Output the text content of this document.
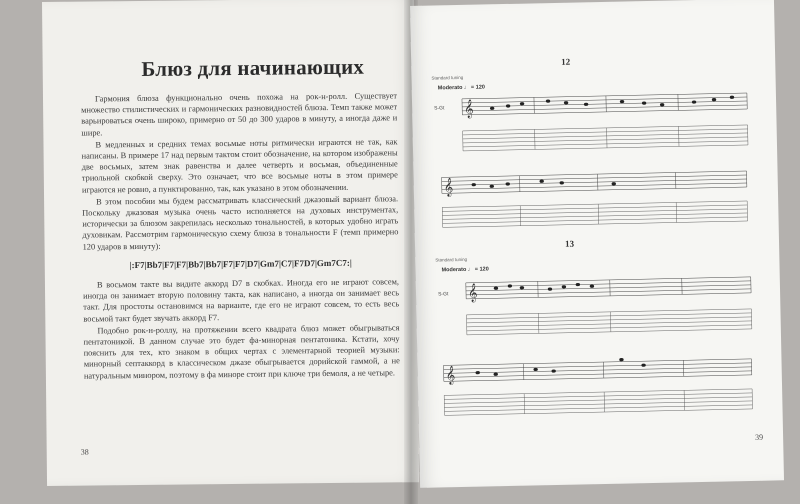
Блюз для начинающих

Гармония блюза функционально очень похожа на рок-н-ролл. Существует множество стилистических и гармонических разновидностей блюза. Темп также может варьироваться очень широко, примерно от 50 до 300 ударов в минуту, а иногда даже и шире.

В медленных и средних темах восьмые ноты ритмически играются не так, как написаны. В примере 17 над первым тактом стоит обозначение, на котором изображены две восьмых, затем знак равенства и далее четверть и восьмая, объединенные триольной скобкой сверху. Это означает, что все восьмые ноты в этом примере играются не ровно, а пунктированно, так, как указано в этом обозначении.

В этом пособии мы будем рассматривать классический джазовый вариант блюза. Поскольку джазовая музыка очень часто исполняется на духовых инструментах, исторически за блюзом закрепилась несколько тональностей, в которых удобно играть духовикам. Рассмотрим гармоническую схему блюза в тональности F (темп примерно 120 ударов в минуту):

|:F7|Bb7|F7|F7|Bb7|Bb7|F7|F7|D7|Gm7|C7|F7D7|Gm7C7:|

В восьмом такте вы видите аккорд D7 в скобках. Иногда его не играют совсем, иногда он занимает вторую половину такта, как написано, а иногда он занимает весь такт. Для простоты остановимся на варианте, где его не играют совсем, то есть весь восьмой такт будет звучать аккорд F7.

Подобно рок-н-роллу, на протяжении всего квадрата блюз может обыгрываться пентатоникой. В данном случае это будет фа-минорная пентатоника. Кстати, хочу пояснить для тех, кто знаком в общих чертах с элементарной теорией музыки: минорный септаккорд в классическом джазе обыгрывается дорийской гаммой, а не натуральным минором, поэтому в фа миноре стоит при ключе три бемоля, а не четыре.

38
12
Standard tuning
Moderato ♩ = 120
S-Gt 𝄞
𝄞
13
Standard tuning
Moderato ♩ = 120
S-Gt 𝄞
𝄞
39
